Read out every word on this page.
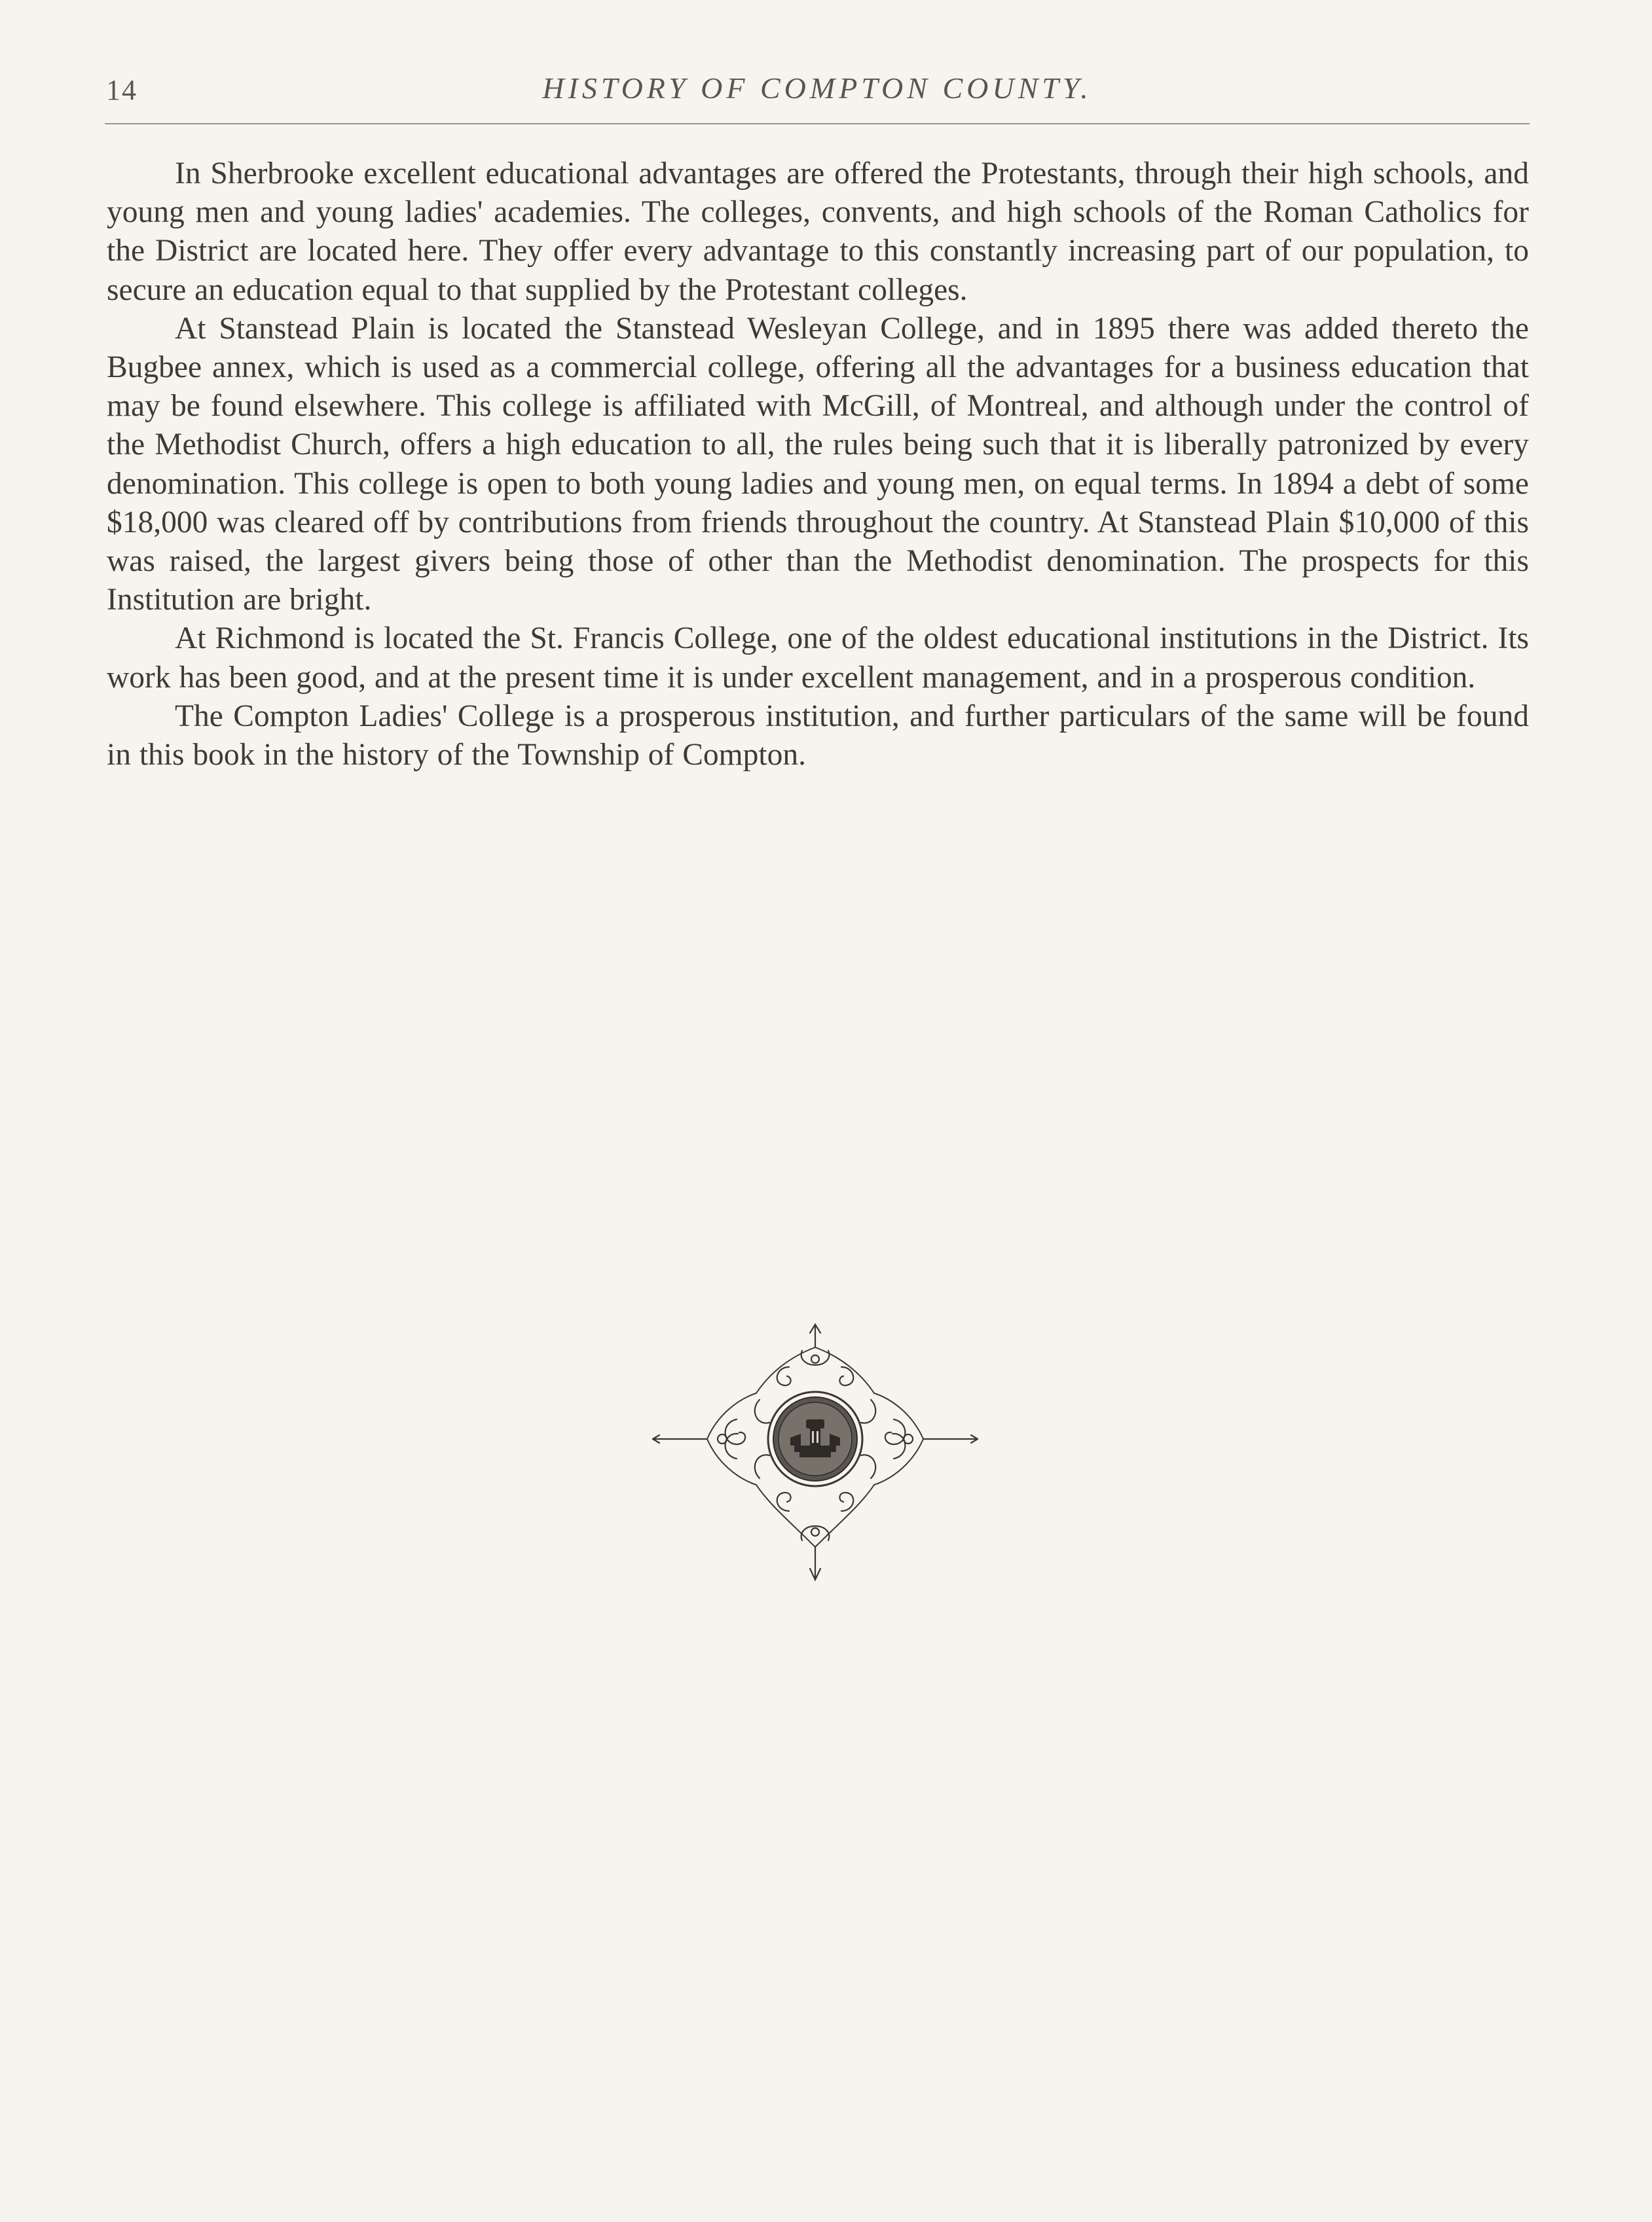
14	HISTORY OF COMPTON COUNTY.

In Sherbrooke excellent educational advantages are offered the Protestants, through their high schools, and young men and young ladies' academies. The colleges, convents, and high schools of the Roman Catholics for the District are located here. They offer every advantage to this constantly increasing part of our population, to secure an education equal to that supplied by the Protestant colleges.

At Stanstead Plain is located the Stanstead Wesleyan College, and in 1895 there was added thereto the Bugbee annex, which is used as a commercial college, offering all the advantages for a business education that may be found elsewhere. This college is affiliated with McGill, of Montreal, and although under the control of the Methodist Church, offers a high education to all, the rules being such that it is liberally patronized by every denomination. This college is open to both young ladies and young men, on equal terms. In 1894 a debt of some $18,000 was cleared off by contributions from friends throughout the country. At Stanstead Plain $10,000 of this was raised, the largest givers being those of other than the Methodist denomination. The prospects for this Institution are bright.

At Richmond is located the St. Francis College, one of the oldest educational institutions in the District. Its work has been good, and at the present time it is under excellent management, and in a prosperous condition.

The Compton Ladies' College is a prosperous institution, and further particulars of the same will be found in this book in the history of the Township of Compton.
